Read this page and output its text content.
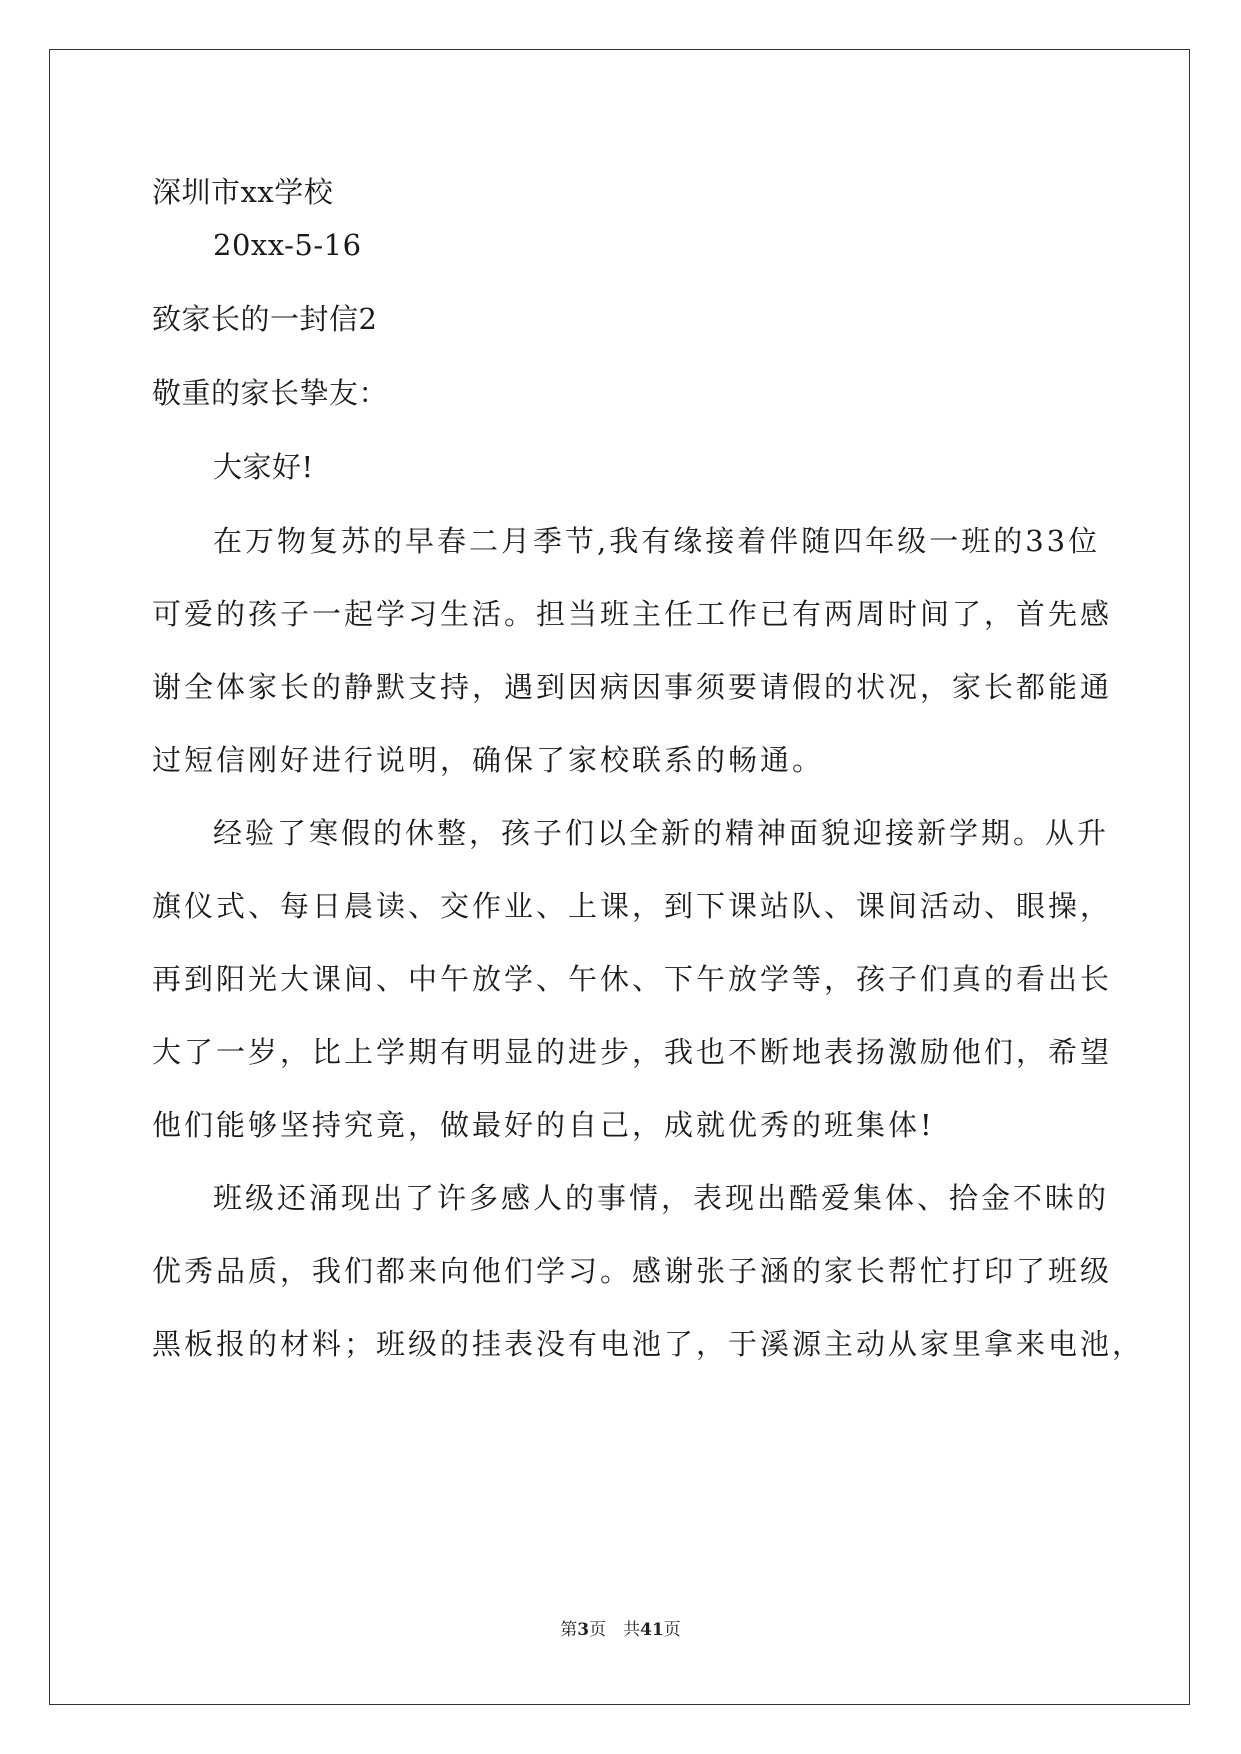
深圳市xx学校
20xx-5-16
致家长的一封信2
敬重的家长挚友：
大家好!
在万物复苏的早春二月季节,我有缘接着伴随四年级一班的33位
可爱的孩子一起学习生活。担当班主任工作已有两周时间了，首先感
谢全体家长的静默支持，遇到因病因事须要请假的状况，家长都能通
过短信刚好进行说明，确保了家校联系的畅通。
经验了寒假的休整，孩子们以全新的精神面貌迎接新学期。从升
旗仪式、每日晨读、交作业、上课，到下课站队、课间活动、眼操，
再到阳光大课间、中午放学、午休、下午放学等，孩子们真的看出长
大了一岁，比上学期有明显的进步，我也不断地表扬激励他们，希望
他们能够坚持究竟，做最好的自己，成就优秀的班集体!
班级还涌现出了许多感人的事情，表现出酷爱集体、拾金不昧的
优秀品质，我们都来向他们学习。感谢张子涵的家长帮忙打印了班级
黑板报的材料；班级的挂表没有电池了，于溪源主动从家里拿来电池，
第3页　共41页
